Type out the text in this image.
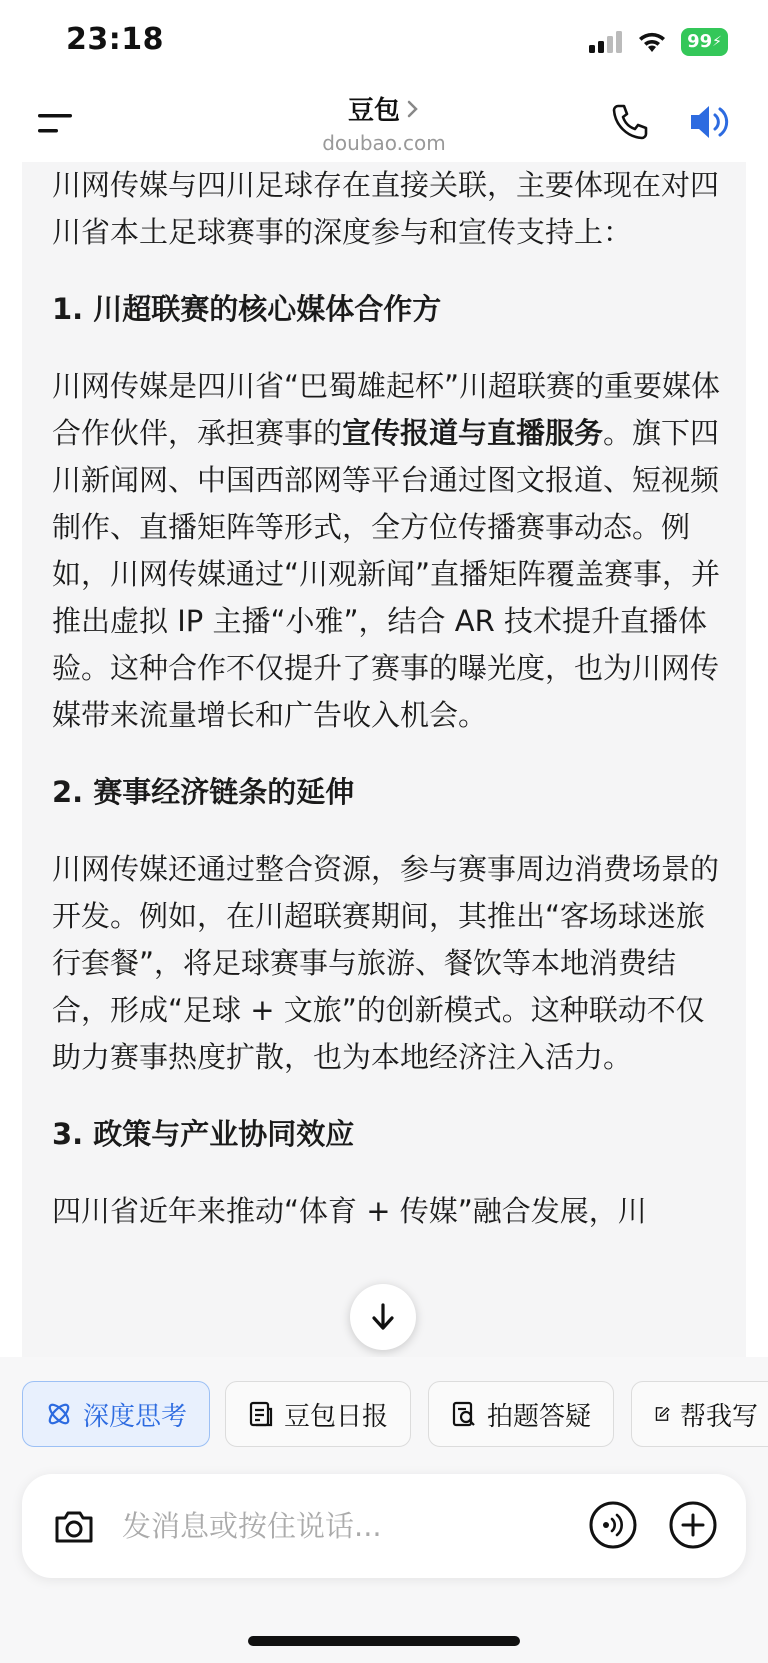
23:18	99 ⚡
豆包
doubao.com

川网传媒与四川足球存在直接关联，主要体现在对四川省本土足球赛事的深度参与和宣传支持上：

1. 川超联赛的核心媒体合作方

川网传媒是四川省“巴蜀雄起杯”川超联赛的重要媒体合作伙伴，承担赛事的宣传报道与直播服务。旗下四川新闻网、中国西部网等平台通过图文报道、短视频制作、直播矩阵等形式，全方位传播赛事动态。例如，川网传媒通过“川观新闻”直播矩阵覆盖赛事，并推出虚拟 IP 主播“小雅”，结合 AR 技术提升直播体验。这种合作不仅提升了赛事的曝光度，也为川网传媒带来流量增长和广告收入机会。

2. 赛事经济链条的延伸

川网传媒还通过整合资源，参与赛事周边消费场景的开发。例如，在川超联赛期间，其推出“客场球迷旅行套餐”，将足球赛事与旅游、餐饮等本地消费结合，形成“足球 + 文旅”的创新模式。这种联动不仅助力赛事热度扩散，也为本地经济注入活力。

3. 政策与产业协同效应

四川省近年来推动“体育 + 传媒”融合发展，川

深度思考	豆包日报	拍题答疑	帮我写
发消息或按住说话...
